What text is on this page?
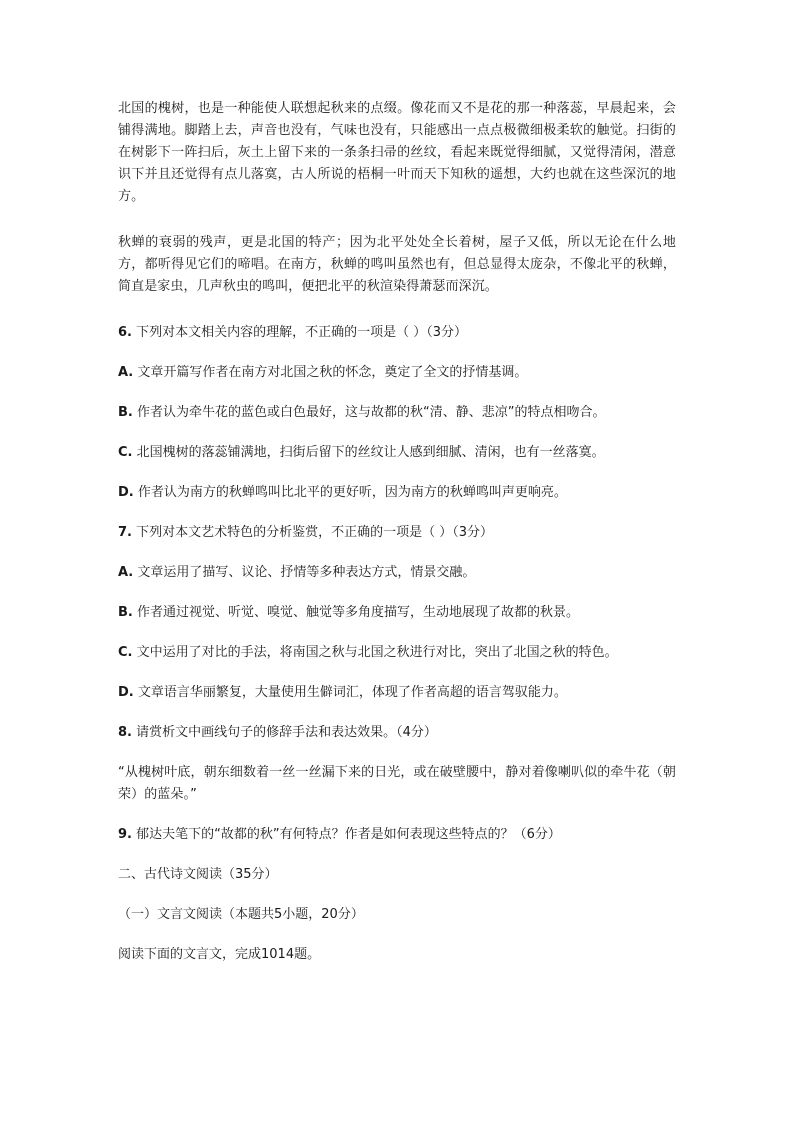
北国的槐树，也是一种能使人联想起秋来的点缀。像花而又不是花的那一种落蕊，早晨起来，会铺得满地。脚踏上去，声音也没有，气味也没有，只能感出一点点极微细极柔软的触觉。扫街的在树影下一阵扫后，灰土上留下来的一条条扫帚的丝纹，看起来既觉得细腻，又觉得清闲，潜意识下并且还觉得有点儿落寞，古人所说的梧桐一叶而天下知秋的遥想，大约也就在这些深沉的地方。

秋蝉的衰弱的残声，更是北国的特产；因为北平处处全长着树，屋子又低，所以无论在什么地方，都听得见它们的啼唱。在南方，秋蝉的鸣叫虽然也有，但总显得太庞杂，不像北平的秋蝉，简直是家虫，几声秋虫的鸣叫，便把北平的秋渲染得萧瑟而深沉。

6. 下列对本文相关内容的理解，不正确的一项是（ ）（3分）

A. 文章开篇写作者在南方对北国之秋的怀念，奠定了全文的抒情基调。

B. 作者认为牵牛花的蓝色或白色最好，这与故都的秋“清、静、悲凉”的特点相吻合。

C. 北国槐树的落蕊铺满地，扫街后留下的丝纹让人感到细腻、清闲，也有一丝落寞。

D. 作者认为南方的秋蝉鸣叫比北平的更好听，因为南方的秋蝉鸣叫声更响亮。

7. 下列对本文艺术特色的分析鉴赏，不正确的一项是（ ）（3分）

A. 文章运用了描写、议论、抒情等多种表达方式，情景交融。

B. 作者通过视觉、听觉、嗅觉、触觉等多角度描写，生动地展现了故都的秋景。

C. 文中运用了对比的手法，将南国之秋与北国之秋进行对比，突出了北国之秋的特色。

D. 文章语言华丽繁复，大量使用生僻词汇，体现了作者高超的语言驾驭能力。

8. 请赏析文中画线句子的修辞手法和表达效果。（4分）

“从槐树叶底，朝东细数着一丝一丝漏下来的日光，或在破壁腰中，静对着像喇叭似的牵牛花（朝荣）的蓝朵。”

9. 郁达夫笔下的“故都的秋”有何特点？作者是如何表现这些特点的？（6分）

二、古代诗文阅读（35分）

（一）文言文阅读（本题共5小题，20分）

阅读下面的文言文，完成1014题。
